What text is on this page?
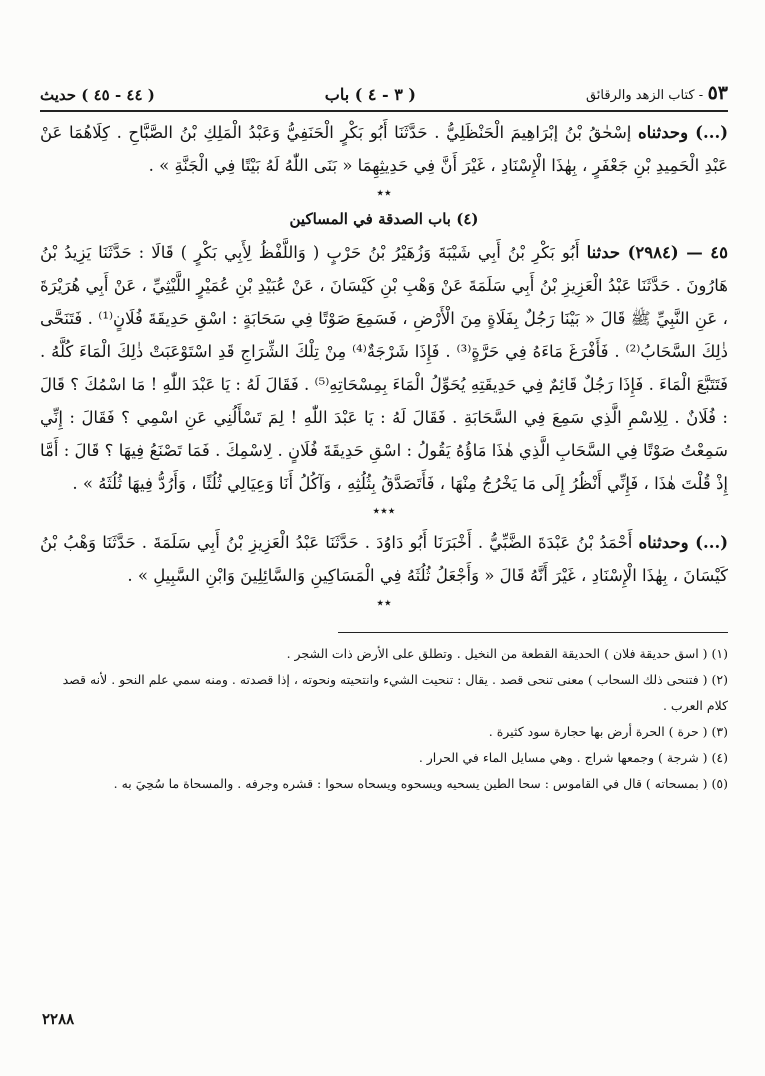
٥٣ - كتاب الزهد والرقائق
( ٣ - ٤ ) باب
( ٤٤ - ٤٥ ) حديث

(...) وحدثناه إسْحٰقُ بْنُ إبْرَاهِيمَ الْحَنْظَلِيُّ . حَدَّثَنَا أَبُو بَكْرٍ الْحَنَفِيُّ وَعَبْدُ الْمَلِكِ بْنُ الصَّبَّاحِ . كِلَاهُمَا عَنْ عَبْدِ الْحَمِيدِ بْنِ جَعْفَرٍ ، بِهٰذَا الْإِسْنَادِ ، غَيْرَ أَنَّ فِي حَدِيثِهِمَا « بَنَى اللّٰهُ لَهُ بَيْتًا فِي الْجَنَّةِ » .

٭٭
(٤) باب الصدقة في المساكين

٤٥ — (٢٩٨٤) حدثنا أَبُو بَكْرِ بْنُ أَبِي شَيْبَةَ وَزُهَيْرُ بْنُ حَرْبٍ ( وَاللَّفْظُ لِأَبِي بَكْرٍ ) قَالَا : حَدَّثَنَا يَزِيدُ بْنُ هَارُونَ . حَدَّثَنَا عَبْدُ الْعَزِيزِ بْنُ أَبِي سَلَمَةَ عَنْ وَهْبِ بْنِ كَيْسَانَ ، عَنْ عُبَيْدِ بْنِ عُمَيْرٍ اللَّيْثِيِّ ، عَنْ أَبِي هُرَيْرَةَ ، عَنِ النَّبِيِّ ﷺ قَالَ « بَيْنَا رَجُلٌ بِفَلَاةٍ مِنَ الْأَرْضِ ، فَسَمِعَ صَوْتًا فِي سَحَابَةٍ : اسْقِ حَدِيقَةَ فُلَانٍ⁽¹⁾ . فَتَنَحَّى ذٰلِكَ السَّحَابُ⁽²⁾ . فَأَفْرَغَ مَاءَهُ فِي حَرَّةٍ⁽³⁾ . فَإِذَا شَرْجَةٌ⁽⁴⁾ مِنْ تِلْكَ الشِّرَاجِ قَدِ اسْتَوْعَبَتْ ذٰلِكَ الْمَاءَ كُلَّهُ . فَتَتَبَّعَ الْمَاءَ . فَإِذَا رَجُلٌ قَائِمٌ فِي حَدِيقَتِهِ يُحَوِّلُ الْمَاءَ بِمِسْحَاتِهِ⁽⁵⁾ . فَقَالَ لَهُ : يَا عَبْدَ اللّٰهِ ! مَا اسْمُكَ ؟ قَالَ : فُلَانٌ . لِلِاسْمِ الَّذِي سَمِعَ فِي السَّحَابَةِ . فَقَالَ لَهُ : يَا عَبْدَ اللّٰهِ ! لِمَ تَسْأَلُنِي عَنِ اسْمِي ؟ فَقَالَ : إِنِّي سَمِعْتُ صَوْتًا فِي السَّحَابِ الَّذِي هٰذَا مَاؤُهُ يَقُولُ : اسْقِ حَدِيقَةَ فُلَانٍ . لِاسْمِكَ . فَمَا تَصْنَعُ فِيهَا ؟ قَالَ : أَمَّا إِذْ قُلْتَ هٰذَا ، فَإِنِّي أَنْظُرُ إِلَى مَا يَخْرُجُ مِنْهَا ، فَأَتَصَدَّقُ بِثُلُثِهِ ، وَآكُلُ أَنَا وَعِيَالِي ثُلُثًا ، وَأَرُدُّ فِيهَا ثُلُثَهُ » .

٭٭٭

(...) وحدثناه أَحْمَدُ بْنُ عَبْدَةَ الضَّبِّيُّ . أَخْبَرَنَا أَبُو دَاوُدَ . حَدَّثَنَا عَبْدُ الْعَزِيزِ بْنُ أَبِي سَلَمَةَ . حَدَّثَنَا وَهْبُ بْنُ كَيْسَانَ ، بِهٰذَا الْإِسْنَادِ ، غَيْرَ أَنَّهُ قَالَ « وَأَجْعَلُ ثُلُثَهُ فِي الْمَسَاكِينِ وَالسَّائِلِينَ وَابْنِ السَّبِيلِ » .

٭٭
(١) ( اسق حديقة فلان ) الحديقة القطعة من النخيل . وتطلق على الأرض ذات الشجر .
(٢) ( فتنحى ذلك السحاب ) معنى تنحى قصد . يقال : تنحيت الشيء وانتحيته ونحوته ، إذا قصدته . ومنه سمي علم النحو . لأنه قصد كلام العرب .
(٣) ( حرة ) الحرة أرض بها حجارة سود كثيرة .
(٤) ( شرجة ) وجمعها شراج . وهي مسايل الماء في الحرار .
(٥) ( بمسحاته ) قال في القاموس : سحا الطين يسحيه ويسحوه ويسحاه سحوا : قشره وجرفه . والمسحاة ما سُحِيَ به .
٢٢٨٨
